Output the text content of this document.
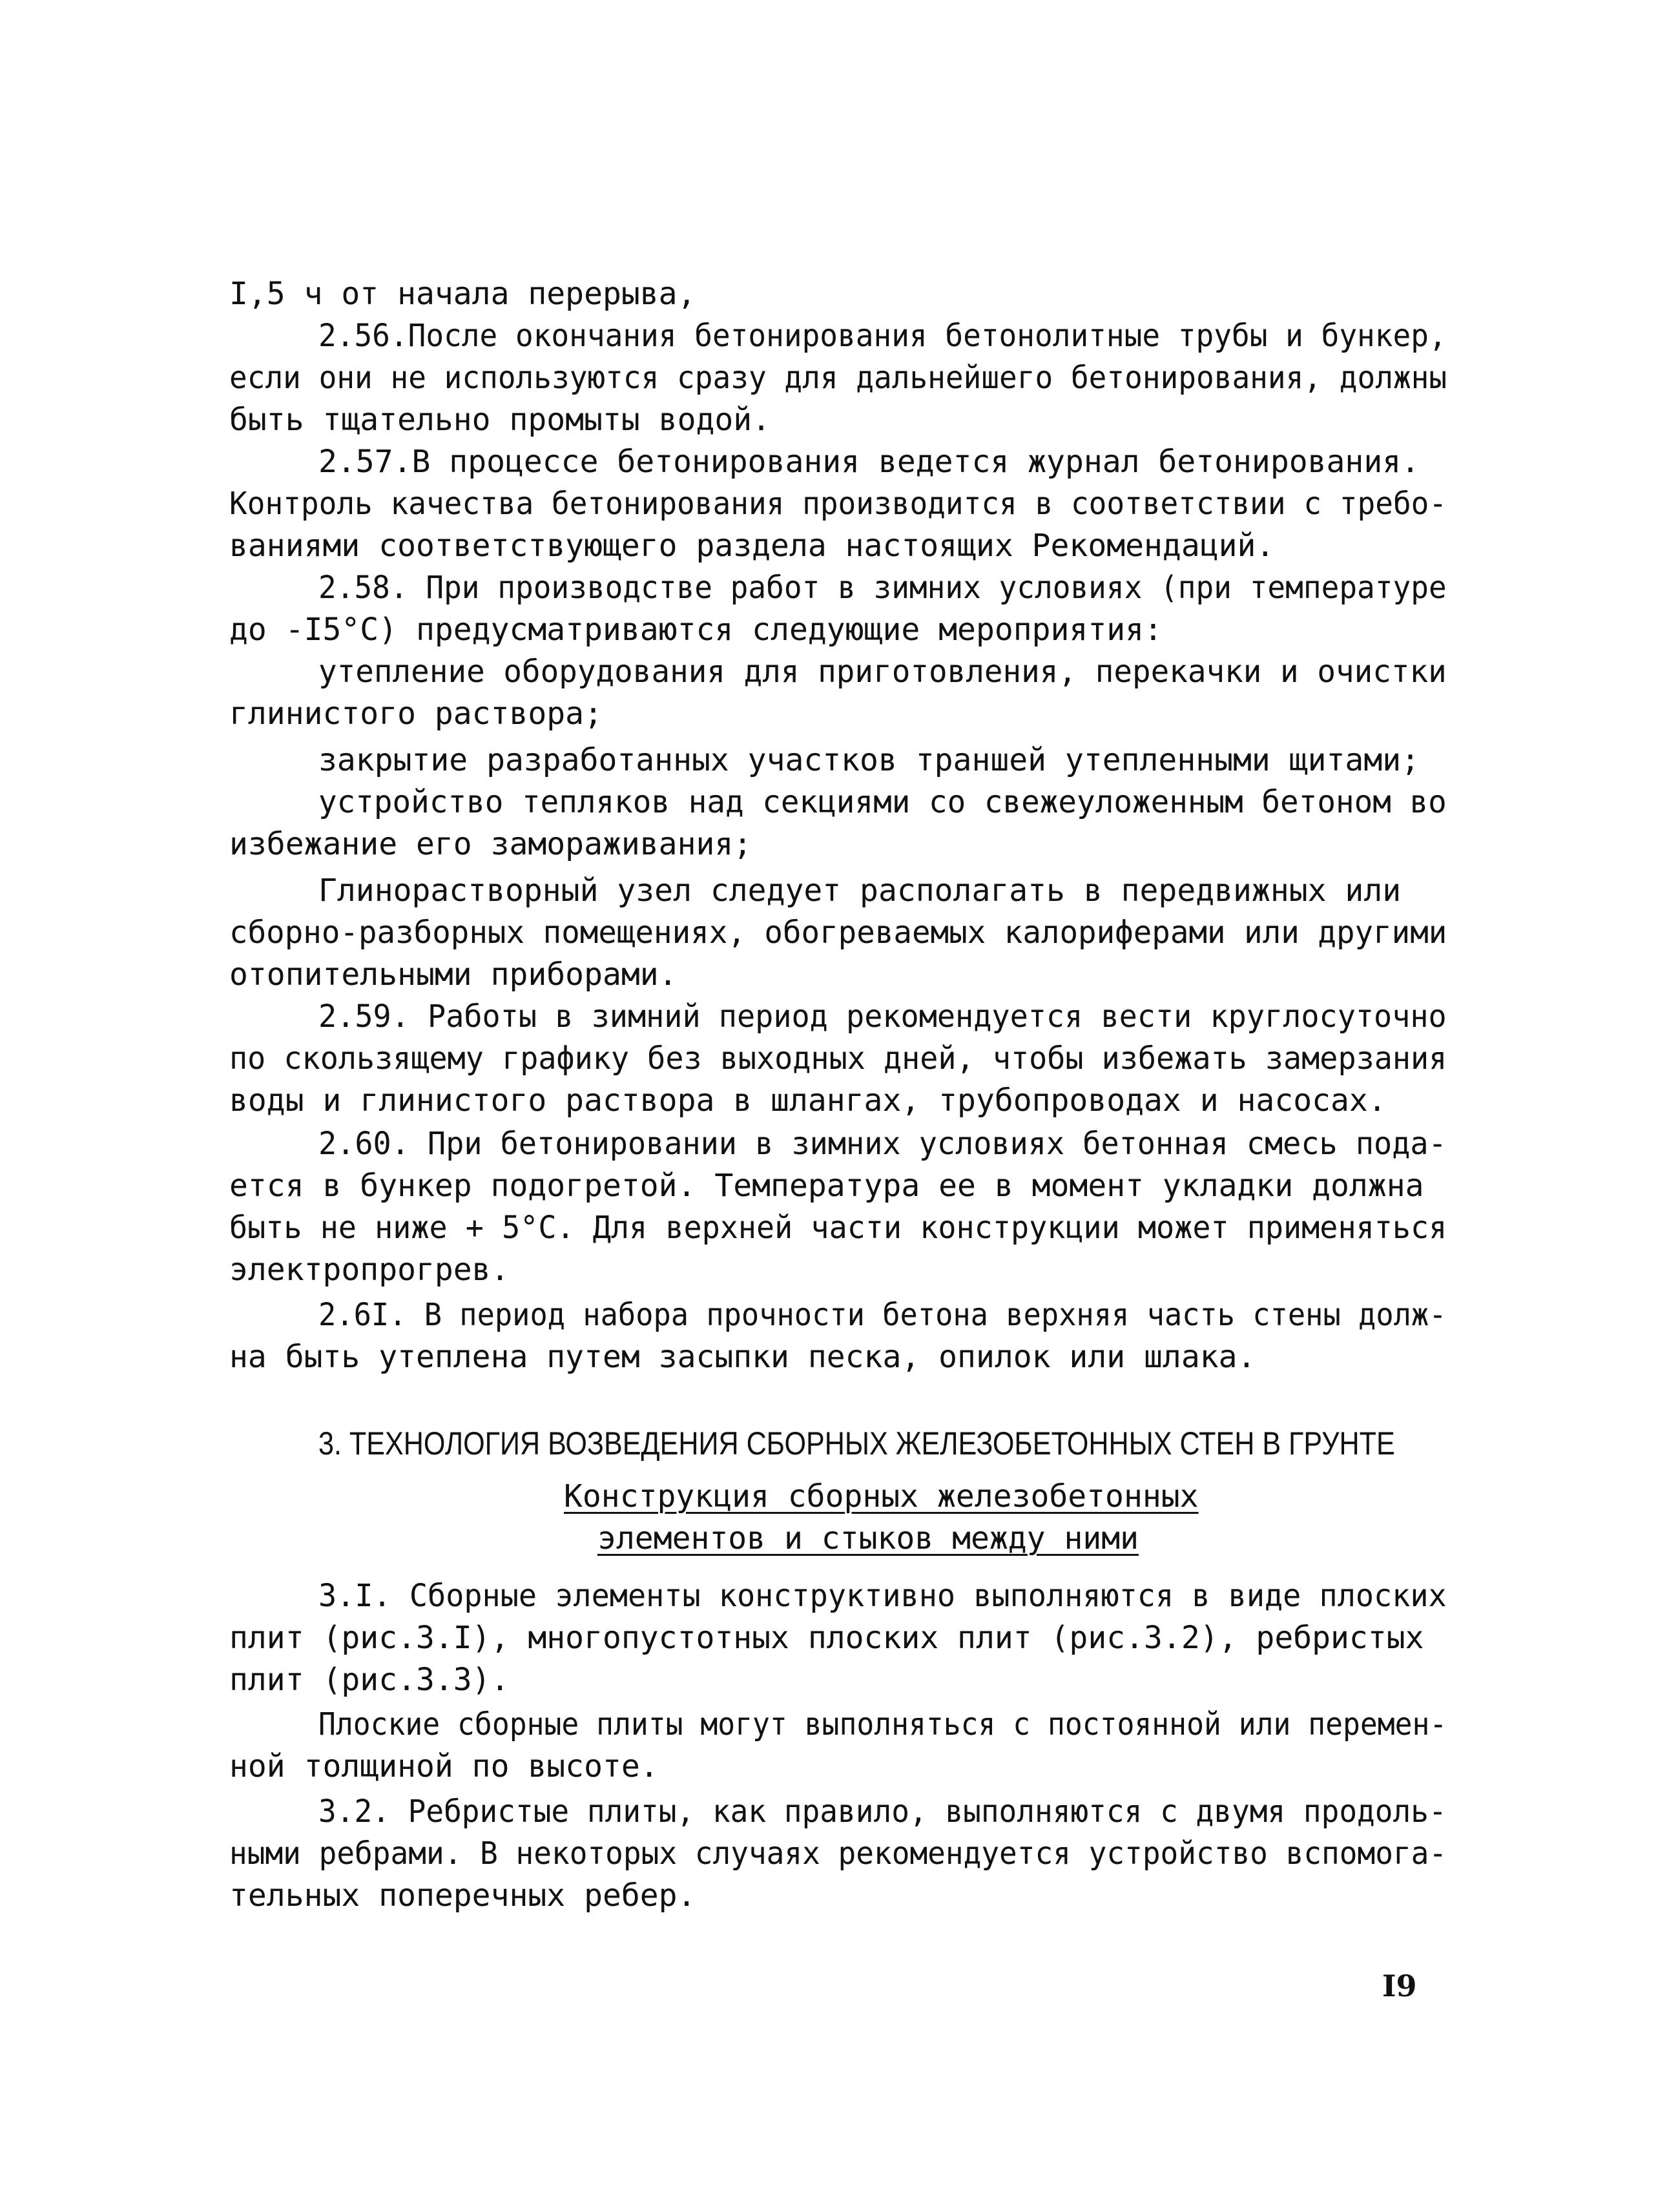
I,5 ч от начала перерыва,
2.56.После окончания бетонирования бетонолитные трубы и бункер,
если они не используются сразу для дальнейшего бетонирования, должны
быть тщательно промыты водой.
2.57.В процессе бетонирования ведется журнал бетонирования.
Контроль качества бетонирования производится в соответствии с требо-
ваниями соответствующего раздела настоящих Рекомендаций.
2.58. При производстве работ в зимних условиях (при температуре
до -I5°C) предусматриваются следующие мероприятия:
утепление оборудования для приготовления, перекачки и очистки
глинистого раствора;
закрытие разработанных участков траншей утепленными щитами;
устройство тепляков над секциями со свежеуложенным бетоном во
избежание его замораживания;
Глинорастворный узел следует располагать в передвижных или
сборно-разборных помещениях, обогреваемых калориферами или другими
отопительными приборами.
2.59. Работы в зимний период рекомендуется вести круглосуточно
по скользящему графику без выходных дней, чтобы избежать замерзания
воды и глинистого раствора в шлангах, трубопроводах и насосах.
2.60. При бетонировании в зимних условиях бетонная смесь пода-
ется в бункер подогретой. Температура ее в момент укладки должна
быть не ниже + 5°C. Для верхней части конструкции может применяться
электропрогрев.
2.6I. В период набора прочности бетона верхняя часть стены долж-
на быть утеплена путем засыпки песка, опилок или шлака.
3. ТЕХНОЛОГИЯ ВОЗВЕДЕНИЯ СБОРНЫХ ЖЕЛЕЗОБЕТОННЫХ СТЕН В ГРУНТЕ
Конструкция сборных железобетонных
элементов и стыков между ними
3.I. Сборные элементы конструктивно выполняются в виде плоских
плит (рис.3.I), многопустотных плоских плит (рис.3.2), ребристых
плит (рис.3.3).
Плоские сборные плиты могут выполняться с постоянной или перемен-
ной толщиной по высоте.
3.2. Ребристые плиты, как правило, выполняются с двумя продоль-
ными ребрами. В некоторых случаях рекомендуется устройство вспомога-
тельных поперечных ребер.
I9
